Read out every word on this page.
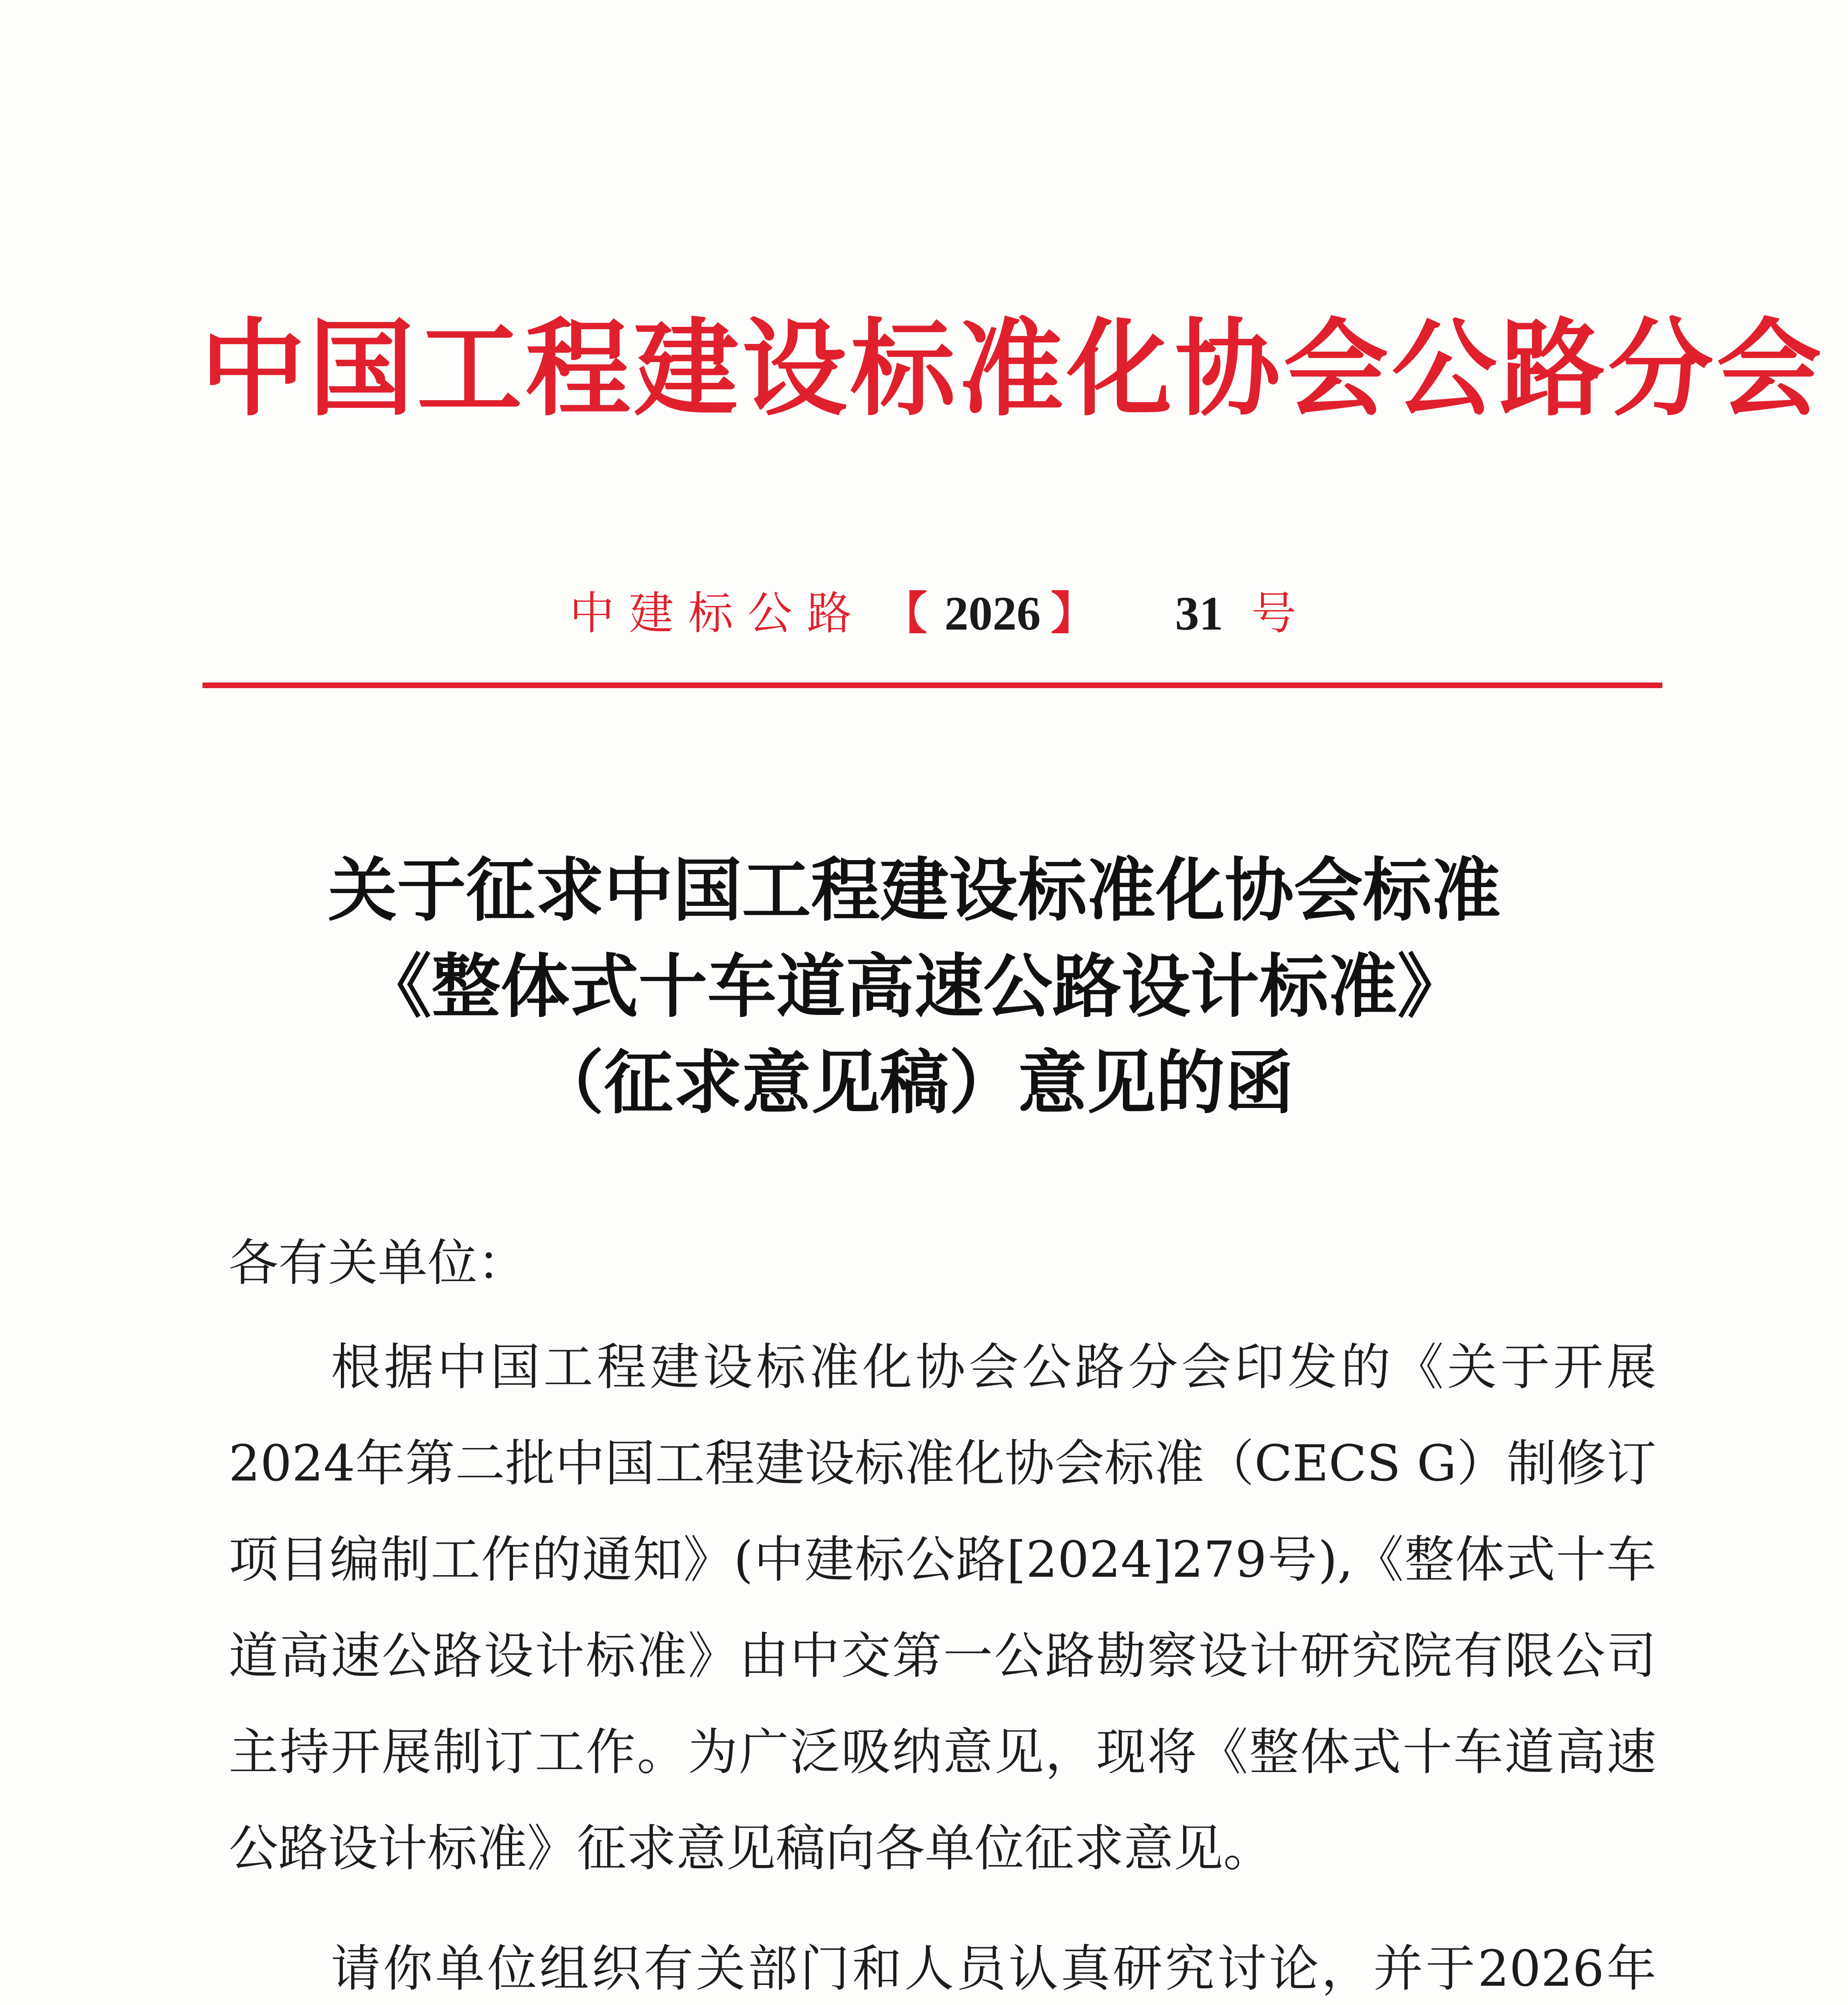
中国工程建设标准化协会公路分会
中建标公路 【 2026 】 31 号
关于征求中国工程建设标准化协会标准
《整体式十车道高速公路设计标准》
（征求意见稿）意见的函
各有关单位：
根据中国工程建设标准化协会公路分会印发的《关于开展
2024年第二批中国工程建设标准化协会标准（CECS G）制修订
项目编制工作的通知》(中建标公路[2024]279号),《整体式十车
道高速公路设计标准》由中交第一公路勘察设计研究院有限公司
主持开展制订工作。为广泛吸纳意见，现将《整体式十车道高速
公路设计标准》征求意见稿向各单位征求意见。
请你单位组织有关部门和人员认真研究讨论，并于2026年
